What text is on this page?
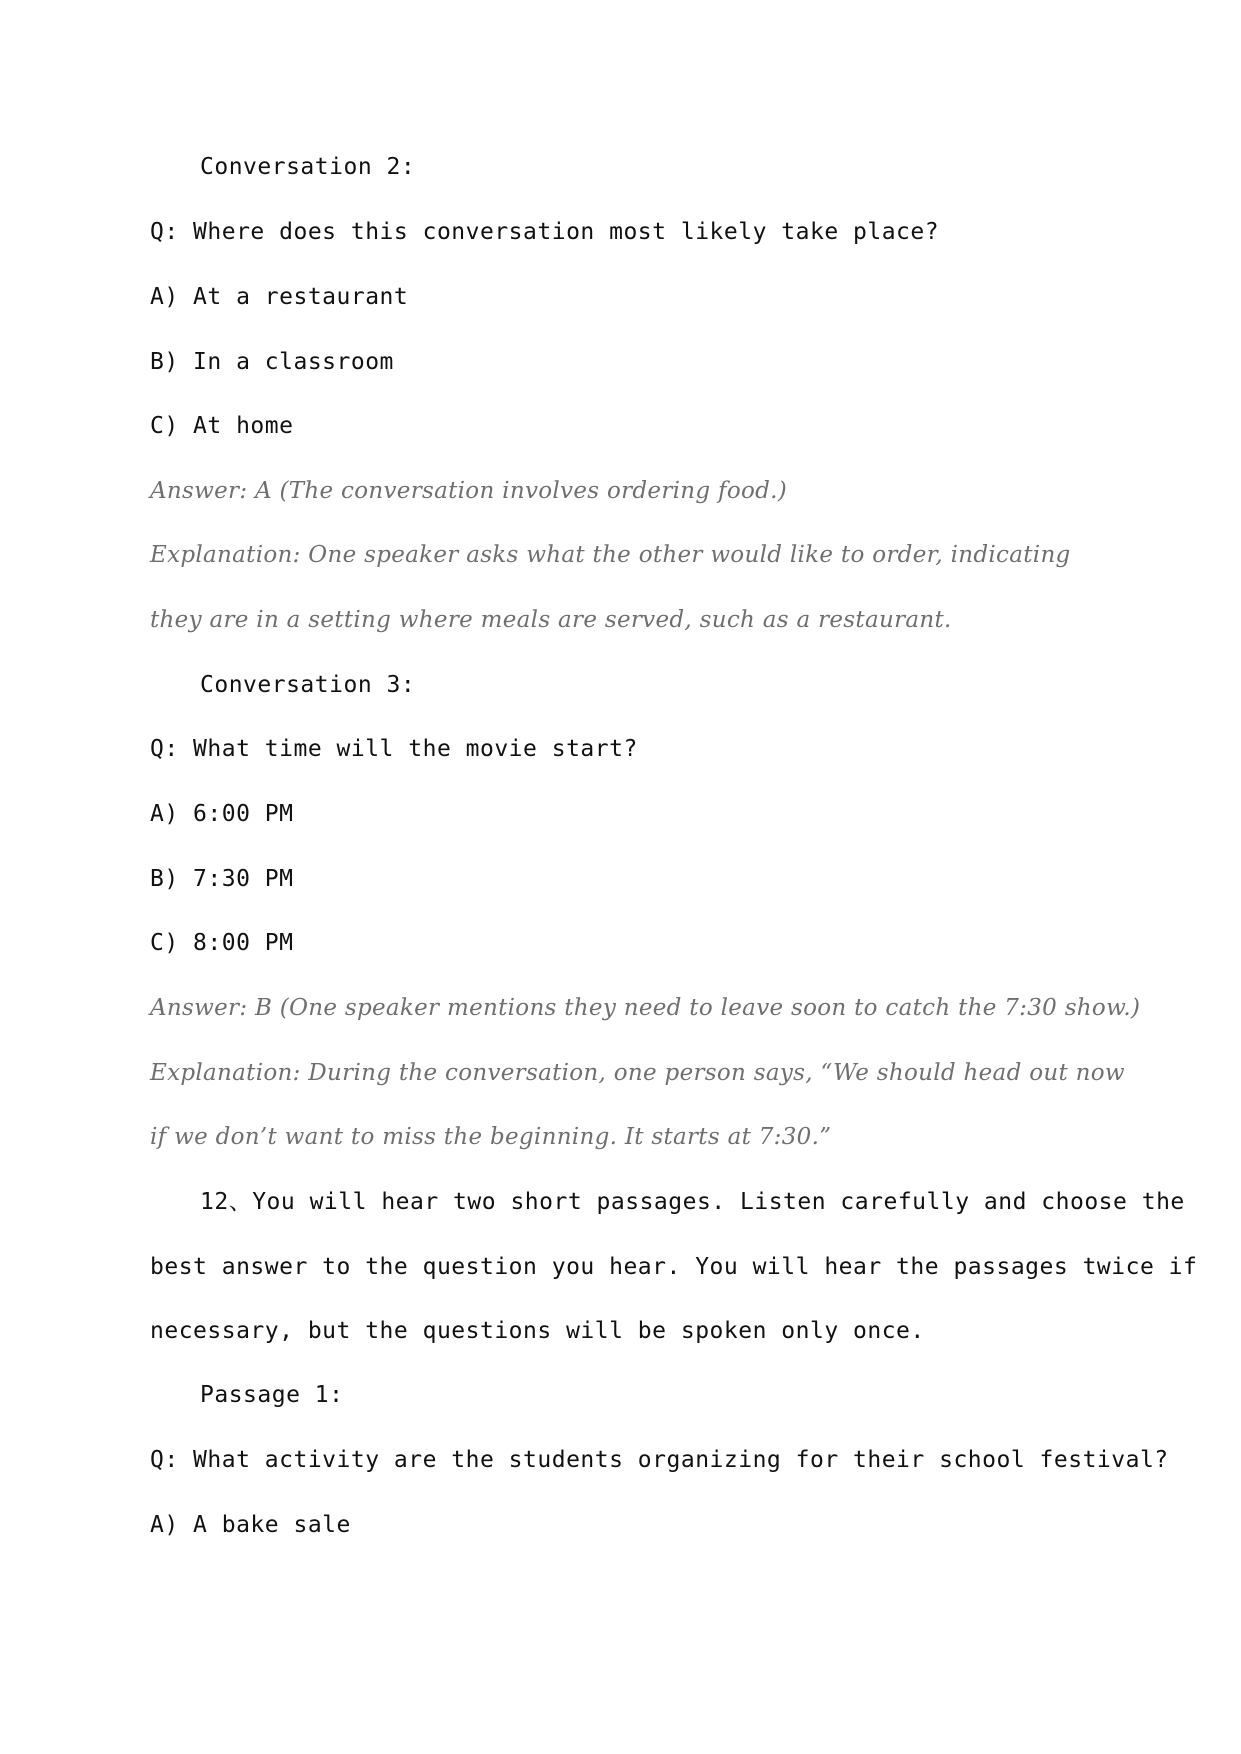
Conversation 2:
Q: Where does this conversation most likely take place?
A) At a restaurant
B) In a classroom
C) At home
Answer: A (The conversation involves ordering food.)
Explanation: One speaker asks what the other would like to order, indicating
they are in a setting where meals are served, such as a restaurant.
Conversation 3:
Q: What time will the movie start?
A) 6:00 PM
B) 7:30 PM
C) 8:00 PM
Answer: B (One speaker mentions they need to leave soon to catch the 7:30 show.)
Explanation: During the conversation, one person says, “We should head out now
if we don’t want to miss the beginning. It starts at 7:30.”
12、You will hear two short passages. Listen carefully and choose the
best answer to the question you hear. You will hear the passages twice if
necessary, but the questions will be spoken only once.
Passage 1:
Q: What activity are the students organizing for their school festival?
A) A bake sale
